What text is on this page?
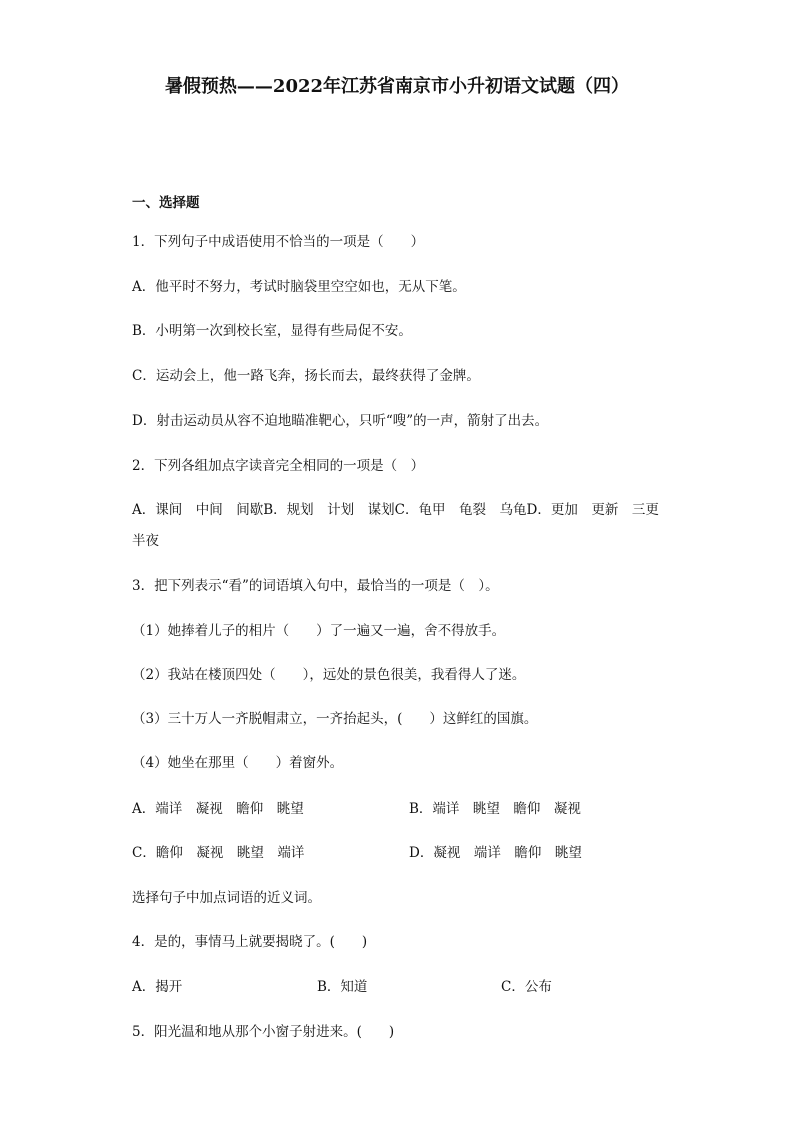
暑假预热——2022年江苏省南京市小升初语文试题（四）
一、选择题
1．下列句子中成语使用不恰当的一项是（　　）
A．他平时不努力，考试时脑袋里空空如也，无从下笔。
B．小明第一次到校长室，显得有些局促不安。
C．运动会上，他一路飞奔，扬长而去，最终获得了金牌。
D．射击运动员从容不迫地瞄准靶心，只听“嗖”的一声，箭射了出去。
2．下列各组加点字读音完全相同的一项是（　）
A．课间　中间　间歇B．规划　计划　谋划C．龟甲　龟裂　乌龟D．更加　更新　三更半夜
3．把下列表示“看”的词语填入句中，最恰当的一项是（　）。
（1）她捧着儿子的相片（　　）了一遍又一遍，舍不得放手。
（2）我站在楼顶四处（　　），远处的景色很美，我看得人了迷。
（3）三十万人一齐脱帽肃立，一齐抬起头，(　　）这鲜红的国旗。
（4）她坐在那里（　　）着窗外。
A．端详　凝视　瞻仰　眺望	B．端详　眺望　瞻仰　凝视
C．瞻仰　凝视　眺望　端详	D．凝视　端详　瞻仰　眺望
选择句子中加点词语的近义词。
4．是的，事情马上就要揭晓了。(　　)
A．揭开	B．知道	C．公布
5．阳光温和地从那个小窗子射进来。(　　)
